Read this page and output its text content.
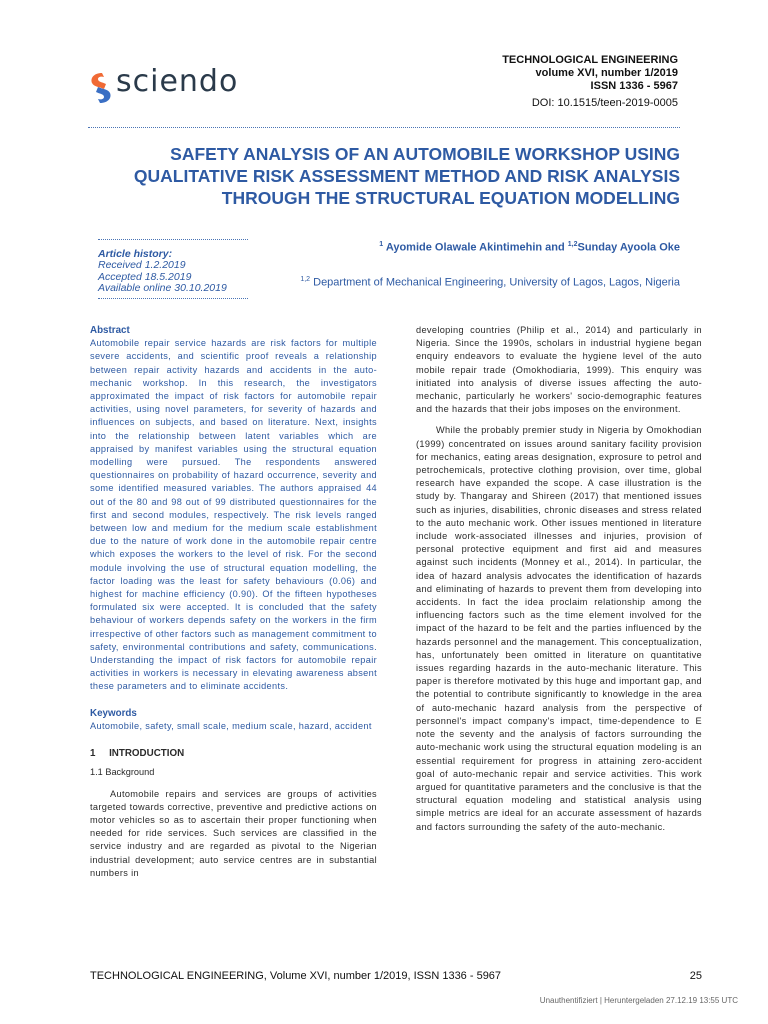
sciendo
TECHNOLOGICAL ENGINEERING
volume XVI, number 1/2019
ISSN 1336 - 5967
DOI: 10.1515/teen-2019-0005
SAFETY ANALYSIS OF AN AUTOMOBILE WORKSHOP USING QUALITATIVE RISK ASSESSMENT METHOD AND RISK ANALYSIS THROUGH THE STRUCTURAL EQUATION MODELLING
$^1$ Ayomide Olawale Akintimehin and $^{1,2}$Sunday Ayoola Oke
$^{1,2}$ Department of Mechanical Engineering, University of Lagos, Lagos, Nigeria
Article history:
Received 1.2.2019
Accepted 18.5.2019
Available online 30.10.2019
Abstract

Automobile repair service hazards are risk factors for multiple severe accidents, and scientific proof reveals a relationship between repair activity hazards and accidents in the auto-mechanic workshop. In this research, the investigators approximated the impact of risk factors for automobile repair activities, using novel parameters, for severity of hazards and influences on subjects, and based on literature. Next, insights into the relationship between latent variables which are appraised by manifest variables using the structural equation modelling were pursued. The respondents answered questionnaires on probability of hazard occurrence, severity and some identified measured variables. The authors appraised 44 out of the 80 and 98 out of 99 distributed questionnaires for the first and second modules, respectively. The risk levels ranged between low and medium for the medium scale establishment due to the nature of work done in the automobile repair centre which exposes the workers to the level of risk. For the second module involving the use of structural equation modelling, the factor loading was the least for safety behaviours (0.06) and highest for machine efficiency (0.90). Of the fifteen hypotheses formulated six were accepted. It is concluded that the safety behaviour of workers depends safety on the workers in the firm irrespective of other factors such as management commitment to safety, environmental contributions and safety, communications. Understanding the impact of risk factors for automobile repair activities in workers is necessary in elevating awareness absent these parameters and to eliminate accidents.

Keywords

Automobile, safety, small scale, medium scale, hazard, accident

1 INTRODUCTION
1.1 Background

Automobile repairs and services are groups of activities targeted towards corrective, preventive and predictive actions on motor vehicles so as to ascertain their proper functioning when needed for ride services. Such services are classified in the service industry and are regarded as pivotal to the Nigerian industrial development; auto service centres are in substantial numbers in

developing countries (Philip et al., 2014) and particularly in Nigeria. Since the 1990s, scholars in industrial hygiene began enquiry endeavors to evaluate the hygiene level of the auto mobile repair trade (Omokhodiaria, 1999). This enquiry was initiated into analysis of diverse issues affecting the auto-mechanic, particularly he workers' socio-demographic features and the hazards that their jobs imposes on the environment.

While the probably premier study in Nigeria by Omokhodian (1999) concentrated on issues around sanitary facility provision for mechanics, eating areas designation, exprosure to petrol and petrochemicals, protective clothing provision, over time, global research have expanded the scope. A case illustration is the study by. Thangaray and Shireen (2017) that mentioned issues such as injuries, disabilities, chronic diseases and stress related to the auto mechanic work. Other issues mentioned in literature include work-associated illnesses and injuries, provision of personal protective equipment and first aid and measures against such incidents (Monney et al., 2014). In particular, the idea of hazard analysis advocates the identification of hazards and eliminating of hazards to prevent them from developing into accidents. In fact the idea proclaim relationship among the influencing factors such as the time element involved for the impact of the hazard to be felt and the parties influenced by the hazards personnel and the management. This conceptualization, has, unfortunately been omitted in literature on quantitative issues regarding hazards in the auto-mechanic literature. This paper is therefore motivated by this huge and important gap, and the potential to contribute significantly to knowledge in the area of auto-mechanic hazard analysis from the perspective of personnel's impact company's impact, time-dependence to E note the seventy and the analysis of factors surrounding the auto-mechanic work using the structural equation modeling is an essential requirement for progress in attaining zero-accident goal of auto-mechanic repair and service activities. This work argued for quantitative parameters and the conclusive is that the structural equation modeling and statistical analysis using simple metrics are ideal for an accurate assessment of hazards and factors surrounding the safety of the auto-mechanic.

TECHNOLOGICAL ENGINEERING, Volume XVI, number 1/2019, ISSN 1336 - 5967	25
Unauthentifiziert | Heruntergeladen 27.12.19 13:55 UTC
